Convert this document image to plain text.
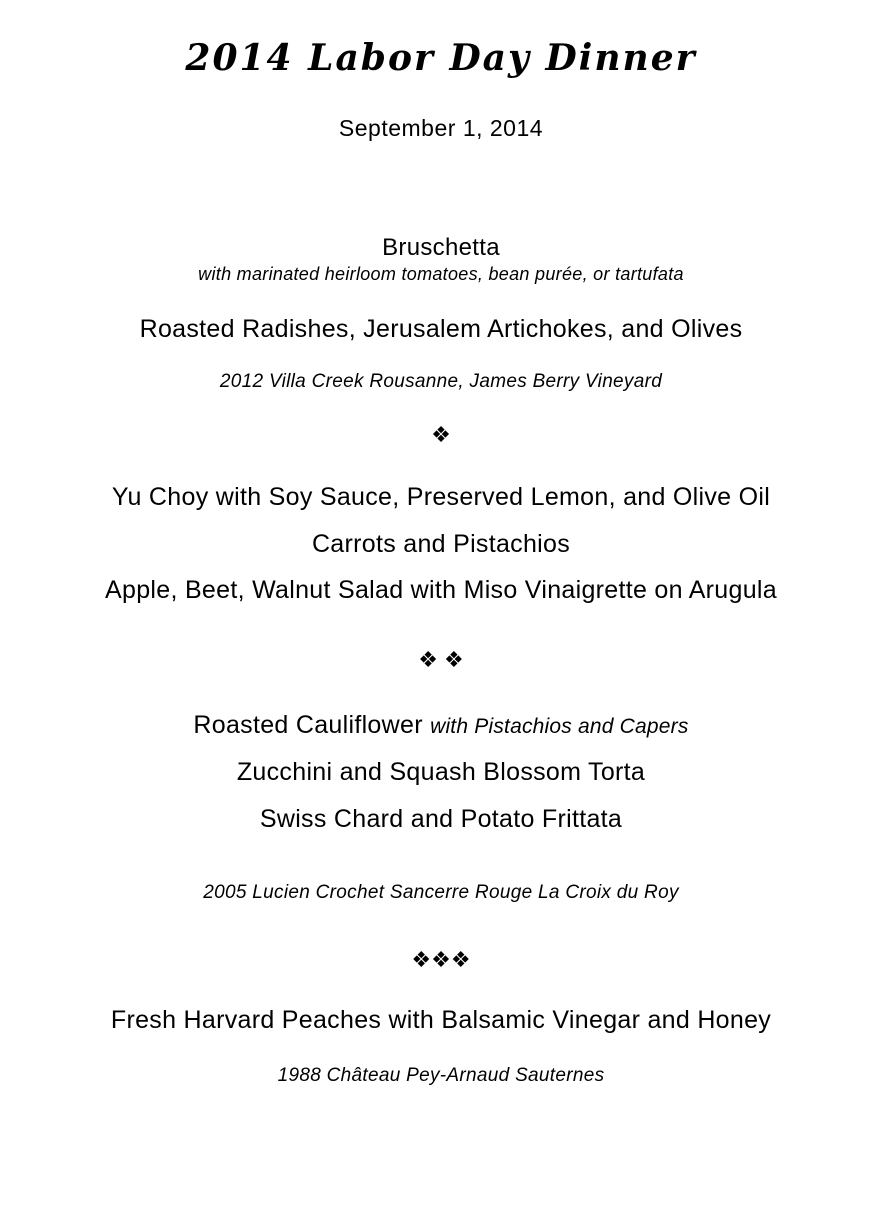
2014 Labor Day Dinner
September 1, 2014
Bruschetta
with marinated heirloom tomatoes, bean purée, or tartufata
Roasted Radishes, Jerusalem Artichokes, and Olives
2012 Villa Creek Rousanne, James Berry Vineyard
❖
Yu Choy with Soy Sauce, Preserved Lemon, and Olive Oil
Carrots and Pistachios
Apple, Beet, Walnut Salad with Miso Vinaigrette on Arugula
❖ ❖
Roasted Cauliflower with Pistachios and Capers
Zucchini and Squash Blossom Torta
Swiss Chard and Potato Frittata
2005 Lucien Crochet Sancerre Rouge La Croix du Roy
❖❖❖
Fresh Harvard Peaches with Balsamic Vinegar and Honey
1988 Château Pey-Arnaud Sauternes
